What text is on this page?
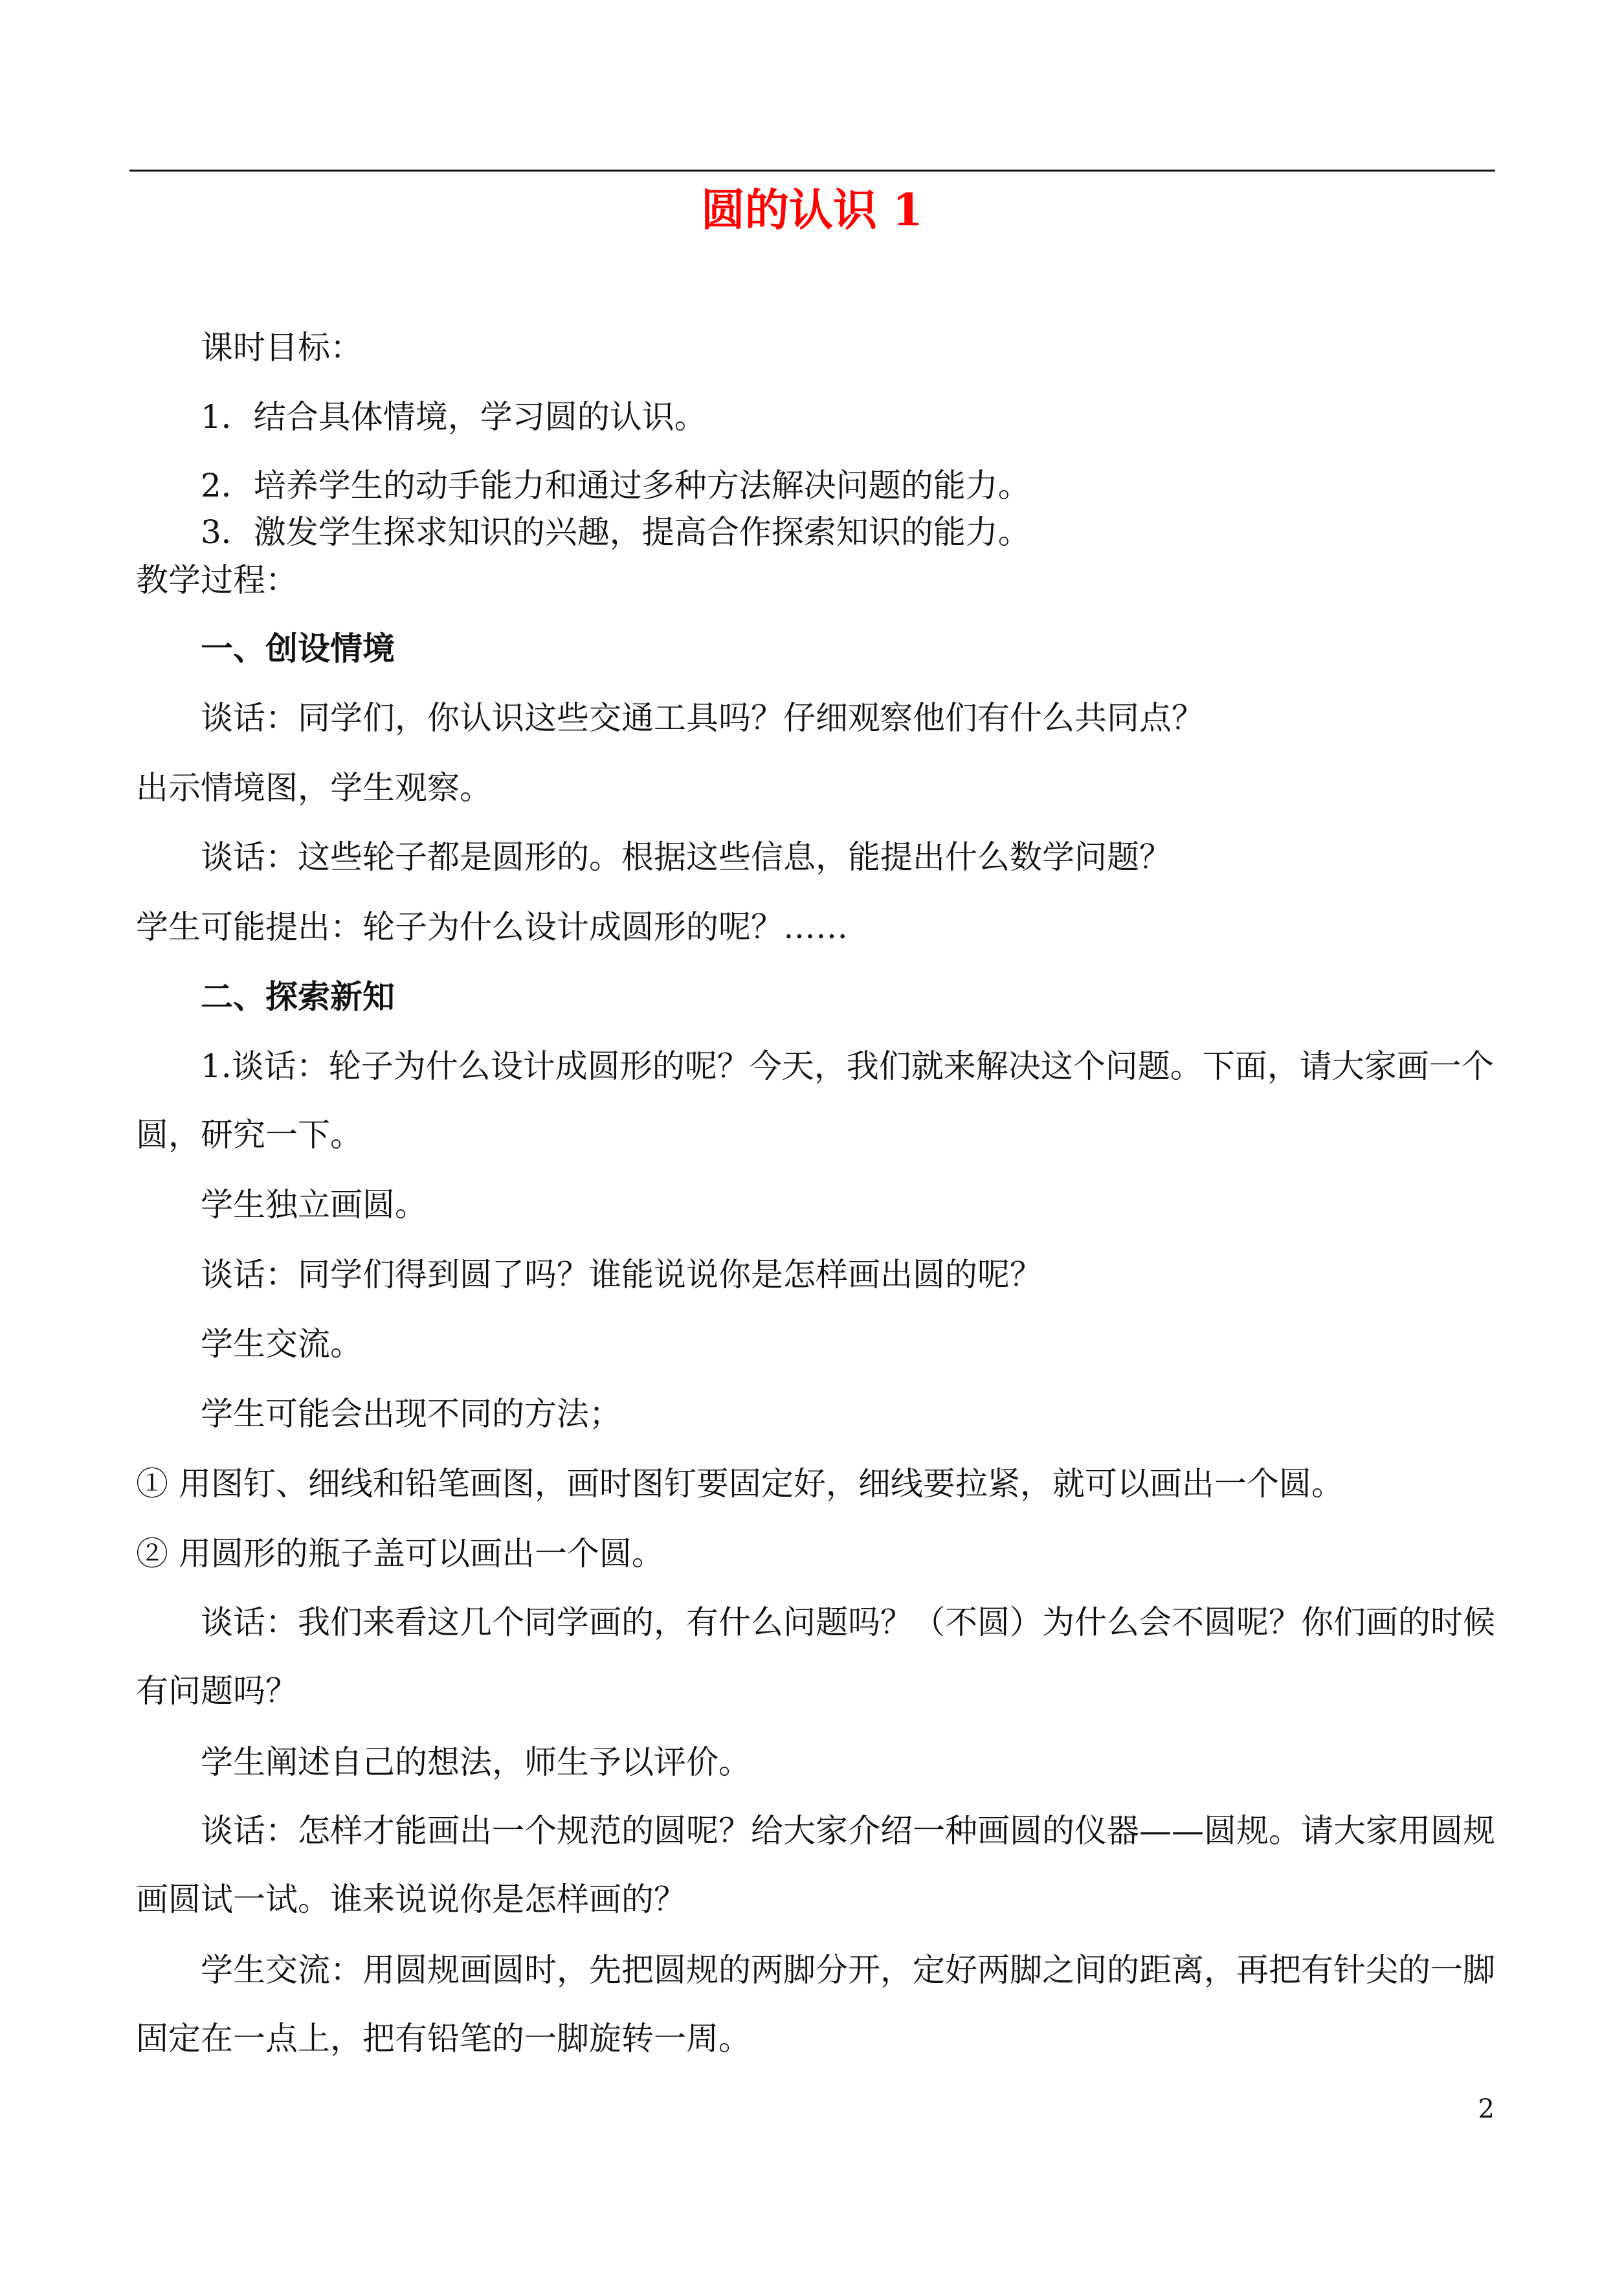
圆的认识 1
课时目标：
1．结合具体情境，学习圆的认识。
2．培养学生的动手能力和通过多种方法解决问题的能力。
3．激发学生探求知识的兴趣，提高合作探索知识的能力。
教学过程：
一、创设情境
谈话：同学们，你认识这些交通工具吗？仔细观察他们有什么共同点？
出示情境图，学生观察。
谈话：这些轮子都是圆形的。根据这些信息，能提出什么数学问题？
学生可能提出：轮子为什么设计成圆形的呢？……
二、探索新知
1.谈话：轮子为什么设计成圆形的呢？今天，我们就来解决这个问题。下面，请大家画一个圆，研究一下。
学生独立画圆。
谈话：同学们得到圆了吗？谁能说说你是怎样画出圆的呢？
学生交流。
学生可能会出现不同的方法；
① 用图钉、细线和铅笔画图，画时图钉要固定好，细线要拉紧，就可以画出一个圆。
② 用圆形的瓶子盖可以画出一个圆。
谈话：我们来看这几个同学画的，有什么问题吗？（不圆）为什么会不圆呢？你们画的时候有问题吗？
学生阐述自己的想法，师生予以评价。
谈话：怎样才能画出一个规范的圆呢？给大家介绍一种画圆的仪器——圆规。请大家用圆规画圆试一试。谁来说说你是怎样画的？
学生交流：用圆规画圆时，先把圆规的两脚分开，定好两脚之间的距离，再把有针尖的一脚固定在一点上，把有铅笔的一脚旋转一周。
2
